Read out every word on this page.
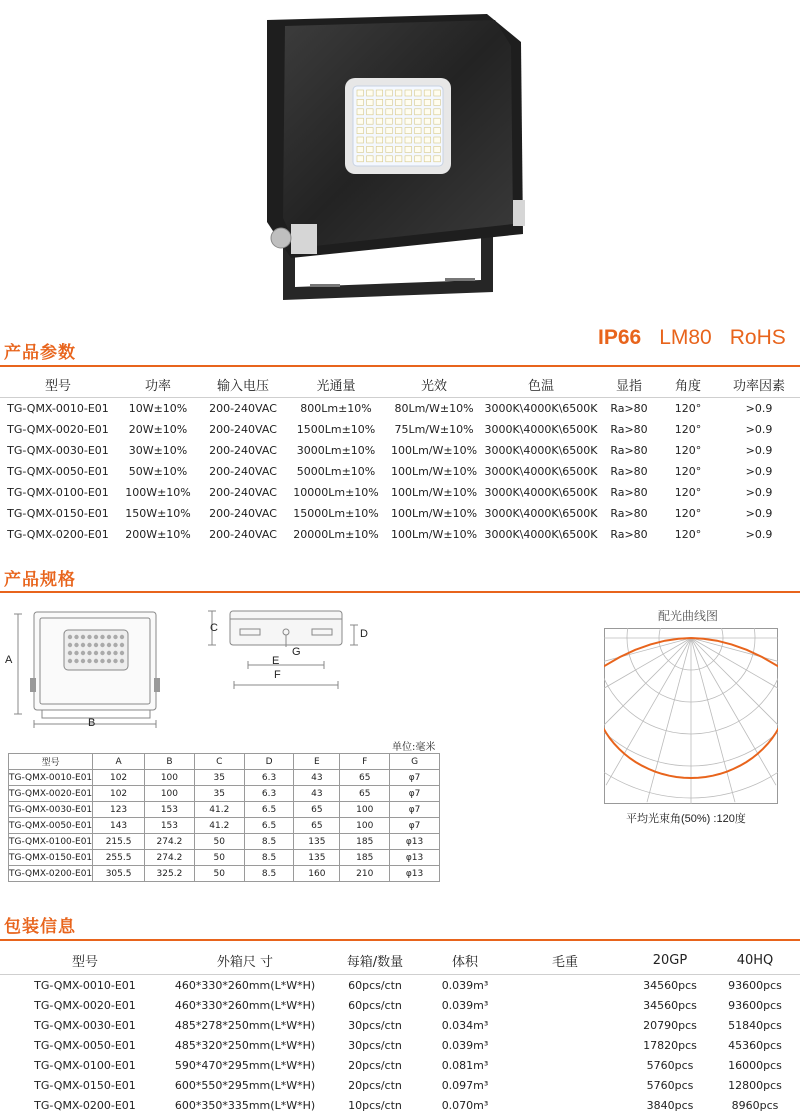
产品参数
IP66 LM80 RoHS
型号	功率	输入电压	光通量	光效	色温	显指	角度	功率因素
TG-QMX-0010-E01	10W±10%	200-240VAC	800Lm±10%	80Lm/W±10%	3000K\4000K\6500K	Ra>80	120°	>0.9
TG-QMX-0020-E01	20W±10%	200-240VAC	1500Lm±10%	75Lm/W±10%	3000K\4000K\6500K	Ra>80	120°	>0.9
TG-QMX-0030-E01	30W±10%	200-240VAC	3000Lm±10%	100Lm/W±10%	3000K\4000K\6500K	Ra>80	120°	>0.9
TG-QMX-0050-E01	50W±10%	200-240VAC	5000Lm±10%	100Lm/W±10%	3000K\4000K\6500K	Ra>80	120°	>0.9
TG-QMX-0100-E01	100W±10%	200-240VAC	10000Lm±10%	100Lm/W±10%	3000K\4000K\6500K	Ra>80	120°	>0.9
TG-QMX-0150-E01	150W±10%	200-240VAC	15000Lm±10%	100Lm/W±10%	3000K\4000K\6500K	Ra>80	120°	>0.9
TG-QMX-0200-E01	200W±10%	200-240VAC	20000Lm±10%	100Lm/W±10%	3000K\4000K\6500K	Ra>80	120°	>0.9
产品规格
A
B
C	D
G
E
F
配光曲线图
平均光束角(50%) :120度
单位:毫米
型号	A	B	C	D	E	F	G
TG-QMX-0010-E01	102	100	35	6.3	43	65	φ7
TG-QMX-0020-E01	102	100	35	6.3	43	65	φ7
TG-QMX-0030-E01	123	153	41.2	6.5	65	100	φ7
TG-QMX-0050-E01	143	153	41.2	6.5	65	100	φ7
TG-QMX-0100-E01	215.5	274.2	50	8.5	135	185	φ13
TG-QMX-0150-E01	255.5	274.2	50	8.5	135	185	φ13
TG-QMX-0200-E01	305.5	325.2	50	8.5	160	210	φ13
包装信息
型号	外箱尺 寸	每箱/数量	体积	毛重	20GP	40HQ
TG-QMX-0010-E01	460*330*260mm(L*W*H)	60pcs/ctn	0.039m³		34560pcs	93600pcs
TG-QMX-0020-E01	460*330*260mm(L*W*H)	60pcs/ctn	0.039m³		34560pcs	93600pcs
TG-QMX-0030-E01	485*278*250mm(L*W*H)	30pcs/ctn	0.034m³		20790pcs	51840pcs
TG-QMX-0050-E01	485*320*250mm(L*W*H)	30pcs/ctn	0.039m³		17820pcs	45360pcs
TG-QMX-0100-E01	590*470*295mm(L*W*H)	20pcs/ctn	0.081m³		5760pcs	16000pcs
TG-QMX-0150-E01	600*550*295mm(L*W*H)	20pcs/ctn	0.097m³		5760pcs	12800pcs
TG-QMX-0200-E01	600*350*335mm(L*W*H)	10pcs/ctn	0.070m³		3840pcs	8960pcs
